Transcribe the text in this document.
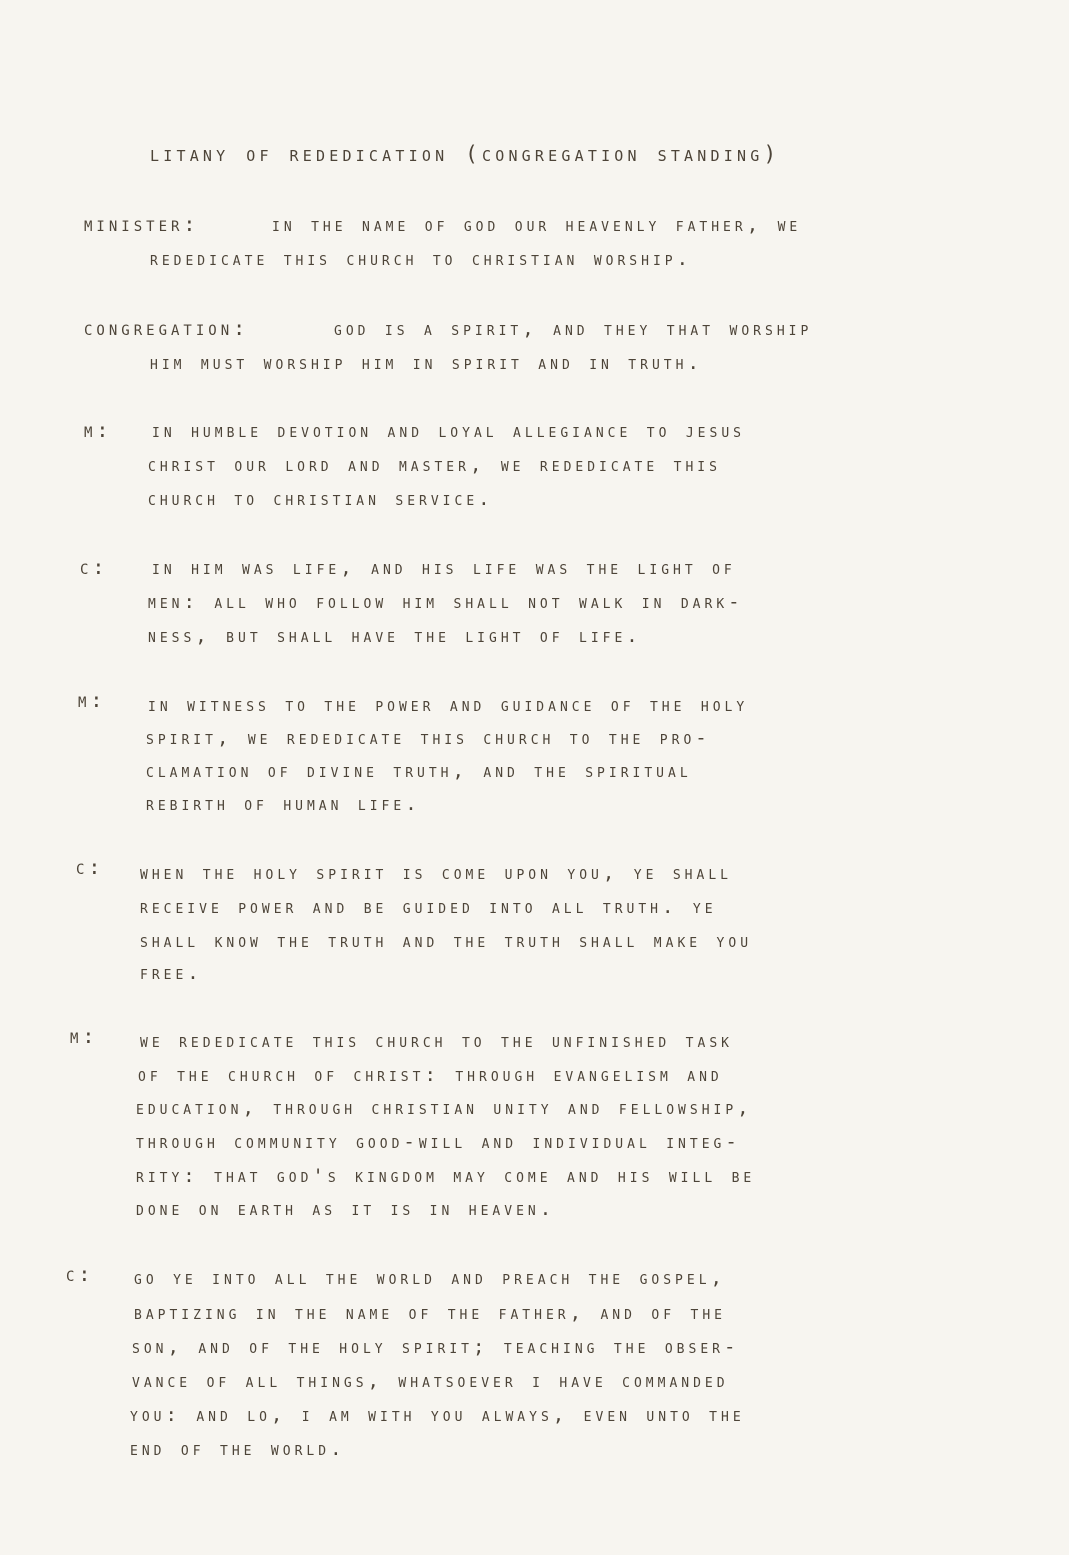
litany of rededication (congregation standing)
minister:	in the name of god our heavenly father, we
rededicate this church to christian worship.
congregation:	god is a spirit, and they that worship
him must worship him in spirit and in truth.
m: in humble devotion and loyal allegiance to jesus
christ our lord and master, we rededicate this
church to christian service.
c: in him was life, and his life was the light of
men: all who follow him shall not walk in dark-
ness, but shall have the light of life.
m: in witness to the power and guidance of the holy
spirit, we rededicate this church to the pro-
clamation of divine truth, and the spiritual
rebirth of human life.
c: when the holy spirit is come upon you, ye shall
receive power and be guided into all truth. ye
shall know the truth and the truth shall make you
free.
m: we rededicate this church to the unfinished task
of the church of christ: through evangelism and
education, through christian unity and fellowship,
through community good-will and individual integ-
rity: that god's kingdom may come and his will be
done on earth as it is in heaven.
c: go ye into all the world and preach the gospel,
baptizing in the name of the father, and of the
son, and of the holy spirit; teaching the obser-
vance of all things, whatsoever i have commanded
you: and lo, i am with you always, even unto the
end of the world.
